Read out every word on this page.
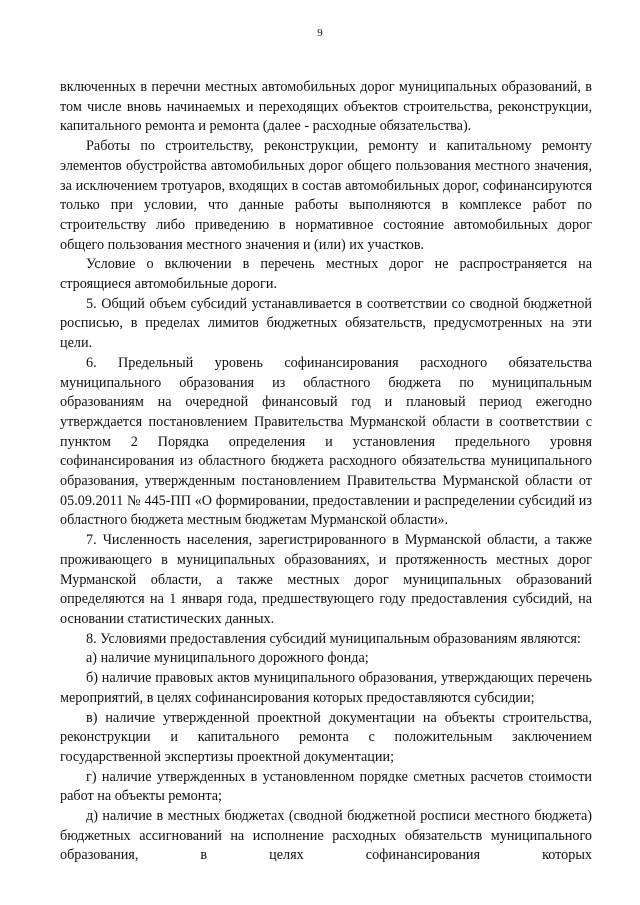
9

включенных в перечни местных автомобильных дорог муниципальных образований, в том числе вновь начинаемых и переходящих объектов строительства, реконструкции, капитального ремонта и ремонта (далее - расходные обязательства).

Работы по строительству, реконструкции, ремонту и капитальному ремонту элементов обустройства автомобильных дорог общего пользования местного значения, за исключением тротуаров, входящих в состав автомобильных дорог, софинансируются только при условии, что данные работы выполняются в комплексе работ по строительству либо приведению в нормативное состояние автомобильных дорог общего пользования местного значения и (или) их участков.

Условие о включении в перечень местных дорог не распространяется на строящиеся автомобильные дороги.

5. Общий объем субсидий устанавливается в соответствии со сводной бюджетной росписью, в пределах лимитов бюджетных обязательств, предусмотренных на эти цели.

6. Предельный уровень софинансирования расходного обязательства муниципального образования из областного бюджета по муниципальным образованиям на очередной финансовый год и плановый период ежегодно утверждается постановлением Правительства Мурманской области в соответствии с пунктом 2 Порядка определения и установления предельного уровня софинансирования из областного бюджета расходного обязательства муниципального образования, утвержденным постановлением Правительства Мурманской области от 05.09.2011 № 445-ПП «О формировании, предоставлении и распределении субсидий из областного бюджета местным бюджетам Мурманской области».

7. Численность населения, зарегистрированного в Мурманской области, а также проживающего в муниципальных образованиях, и протяженность местных дорог Мурманской области, а также местных дорог муниципальных образований определяются на 1 января года, предшествующего году предоставления субсидий, на основании статистических данных.

8. Условиями предоставления субсидий муниципальным образованиям являются:

а) наличие муниципального дорожного фонда;

б) наличие правовых актов муниципального образования, утверждающих перечень мероприятий, в целях софинансирования которых предоставляются субсидии;

в) наличие утвержденной проектной документации на объекты строительства, реконструкции и капитального ремонта с положительным заключением государственной экспертизы проектной документации;

г) наличие утвержденных в установленном порядке сметных расчетов стоимости работ на объекты ремонта;

д) наличие в местных бюджетах (сводной бюджетной росписи местного бюджета) бюджетных ассигнований на исполнение расходных обязательств муниципального образования, в целях софинансирования которых
